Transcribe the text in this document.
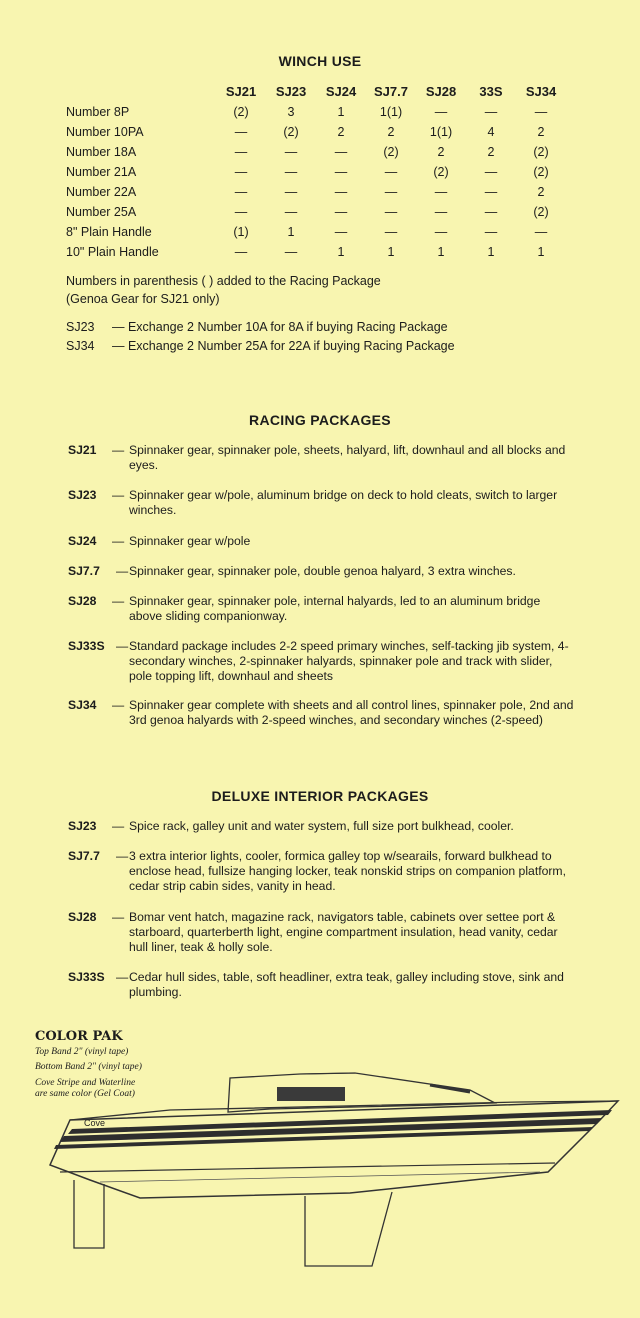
WINCH USE
	SJ21	SJ23	SJ24	SJ7.7	SJ28	33S	SJ34
Number 8P	(2)	3	1	1(1)	—	—	—
Number 10PA	—	(2)	2	2	1(1)	4	2
Number 18A	—	—	—	(2)	2	2	(2)
Number 21A	—	—	—	—	(2)	—	(2)
Number 22A	—	—	—	—	—	—	2
Number 25A	—	—	—	—	—	—	(2)
8" Plain Handle	(1)	1	—	—	—	—	—
10" Plain Handle	—	—	1	1	1	1	1
Numbers in parenthesis ( ) added to the Racing Package
(Genoa Gear for SJ21 only)
SJ23 — Exchange 2 Number 10A for 8A if buying Racing Package
SJ34 — Exchange 2 Number 25A for 22A if buying Racing Package
RACING PACKAGES
SJ21 — Spinnaker gear, spinnaker pole, sheets, halyard, lift, downhaul and all blocks and eyes.
SJ23 — Spinnaker gear w/pole, aluminum bridge on deck to hold cleats, switch to larger winches.
SJ24 — Spinnaker gear w/pole
SJ7.7 — Spinnaker gear, spinnaker pole, double genoa halyard, 3 extra winches.
SJ28 — Spinnaker gear, spinnaker pole, internal halyards, led to an aluminum bridge above sliding companionway.
SJ33S — Standard package includes 2-2 speed primary winches, self-tacking jib system, 4-secondary winches, 2-spinnaker halyards, spinnaker pole and track with slider, pole topping lift, downhaul and sheets
SJ34 — Spinnaker gear complete with sheets and all control lines, spinnaker pole, 2nd and 3rd genoa halyards with 2-speed winches, and secondary winches (2-speed)
DELUXE INTERIOR PACKAGES
SJ23 — Spice rack, galley unit and water system, full size port bulkhead, cooler.
SJ7.7 — 3 extra interior lights, cooler, formica galley top w/searails, forward bulkhead to enclose head, fullsize hanging locker, teak nonskid strips on companion platform, cedar strip cabin sides, vanity in head.
SJ28 — Bomar vent hatch, magazine rack, navigators table, cabinets over settee port & starboard, quarterberth light, engine compartment insulation, head vanity, cedar hull liner, teak & holly sole.
SJ33S — Cedar hull sides, table, soft headliner, extra teak, galley including stove, sink and plumbing.
COLOR PAK
Top Band 2" (vinyl tape)
Bottom Band 2" (vinyl tape)
Cove Stripe and Waterline
are same color (Gel Coat)
Cove
